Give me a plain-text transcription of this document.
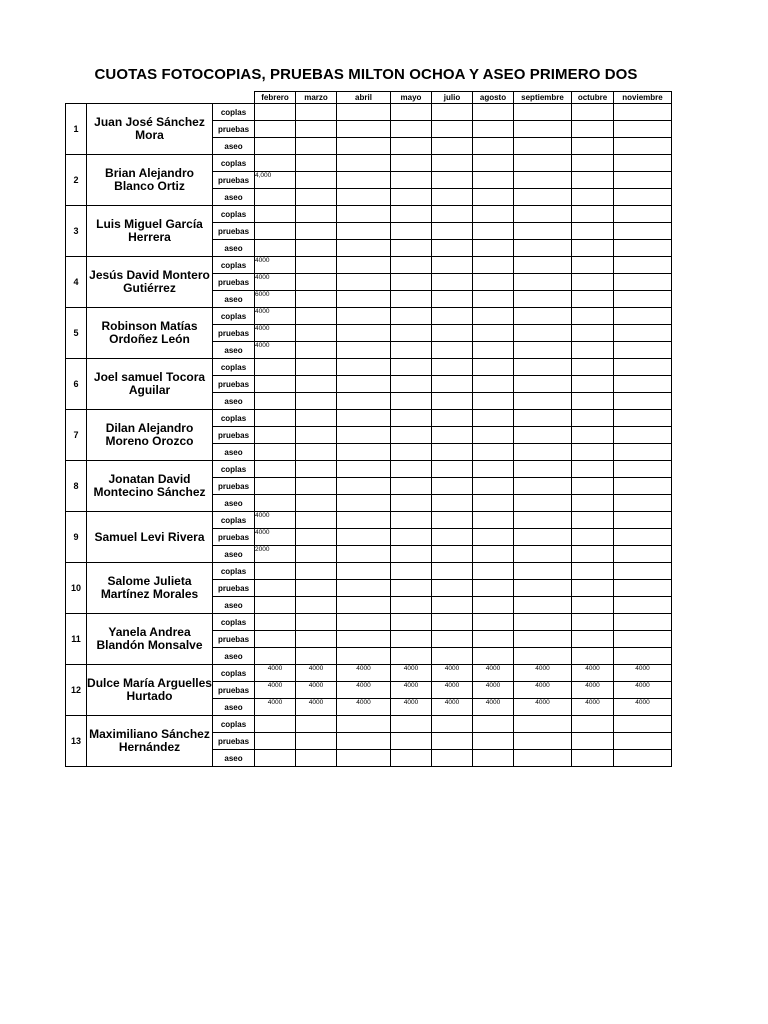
CUOTAS FOTOCOPIAS, PRUEBAS MILTON OCHOA Y ASEO PRIMERO DOS
			febrero	marzo	abril	mayo	julio	agosto	septiembre	octubre	noviembre
1	Juan José Sánchez Mora	coplas									
		pruebas									
		aseo									
2	Brian Alejandro Blanco Ortiz	coplas									
		pruebas	4,000								
		aseo									
3	Luis Miguel García Herrera	coplas									
		pruebas									
		aseo									
4	Jesús David Montero Gutiérrez	coplas	4000								
		pruebas	4000								
		aseo	6000								
5	Robinson Matías Ordoñez León	coplas	4000								
		pruebas	4000								
		aseo	4000								
6	Joel samuel Tocora Aguilar	coplas									
		pruebas									
		aseo									
7	Dilan Alejandro Moreno Orozco	coplas									
		pruebas									
		aseo									
8	Jonatan David Montecino Sánchez	coplas									
		pruebas									
		aseo									
9	Samuel Levi Rivera	coplas	4000								
		pruebas	4000								
		aseo	2000								
10	Salome Julieta Martínez Morales	coplas									
		pruebas									
		aseo									
11	Yanela Andrea Blandón Monsalve	coplas									
		pruebas									
		aseo									
12	Dulce María Arguelles Hurtado	coplas	4000	4000	4000	4000	4000	4000	4000	4000	4000
		pruebas	4000	4000	4000	4000	4000	4000	4000	4000	4000
		aseo	4000	4000	4000	4000	4000	4000	4000	4000	4000
13	Maximiliano Sánchez Hernández	coplas									
		pruebas									
		aseo									
